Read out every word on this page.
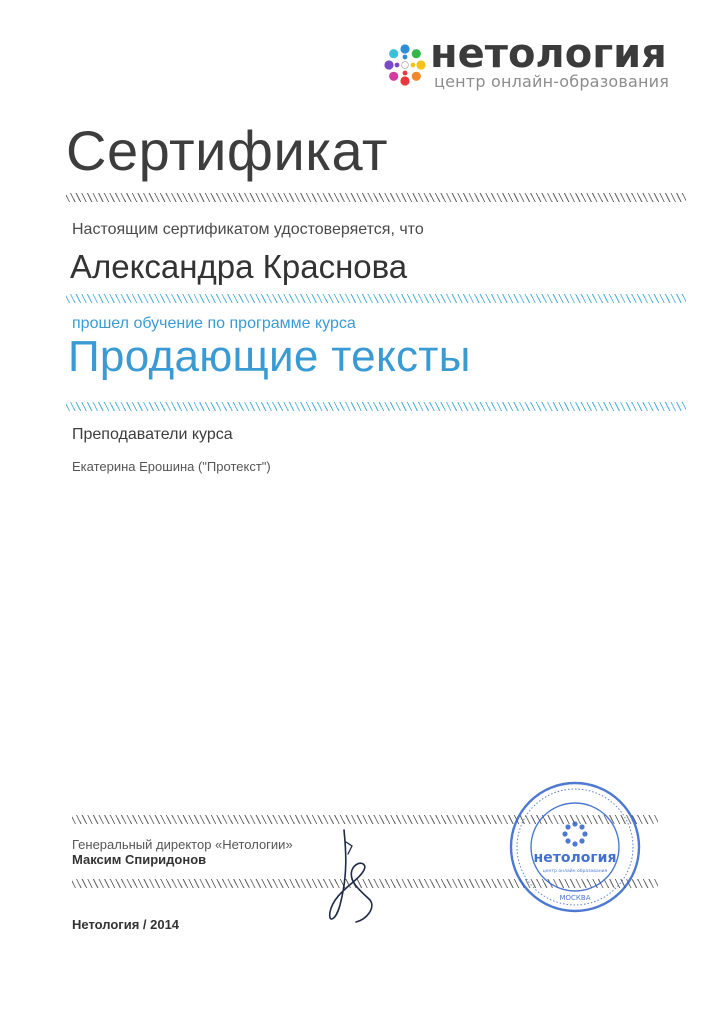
нетология
центр онлайн-образования
Сертификат
Настоящим сертификатом удостоверяется, что
Александра Краснова
прошел обучение по программе курса
Продающие тексты
Преподаватели курса
Екатерина Ерошина ("Протекст")
Генеральный директор «Нетологии»
Максим Спиридонов
Нетология / 2014
нетология
центр онлайн образования
МОСКВА
